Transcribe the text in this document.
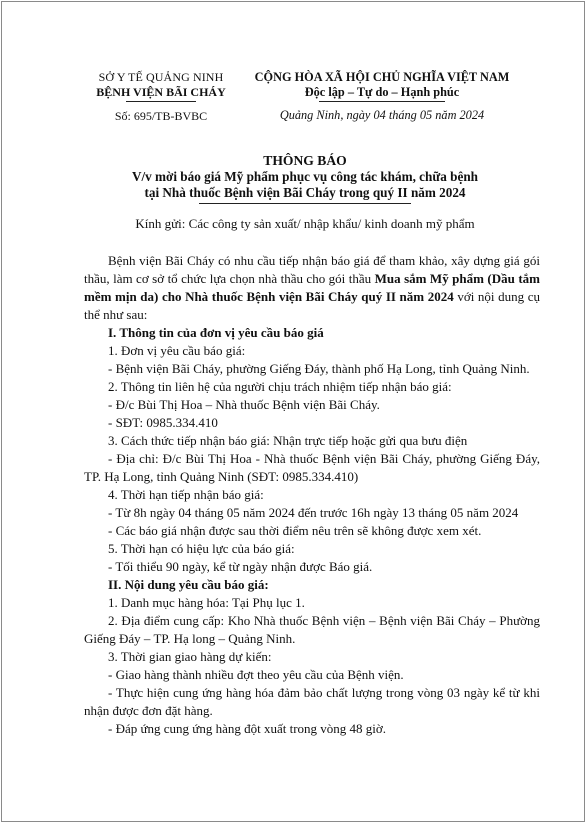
SỞ Y TẾ QUẢNG NINH
BỆNH VIỆN BÃI CHÁY
Số: 695/TB-BVBC
CỘNG HÒA XÃ HỘI CHỦ NGHĨA VIỆT NAM
Độc lập – Tự do – Hạnh phúc
Quảng Ninh, ngày 04 tháng 05 năm 2024
THÔNG BÁO
V/v mời báo giá Mỹ phẩm phục vụ công tác khám, chữa bệnh
tại Nhà thuốc Bệnh viện Bãi Cháy trong quý II năm 2024
Kính gửi: Các công ty sản xuất/ nhập khẩu/ kinh doanh mỹ phẩm

Bệnh viện Bãi Cháy có nhu cầu tiếp nhận báo giá để tham khảo, xây dựng giá gói thầu, làm cơ sở tổ chức lựa chọn nhà thầu cho gói thầu Mua sắm Mỹ phẩm (Dầu tắm mềm mịn da) cho Nhà thuốc Bệnh viện Bãi Cháy quý II năm 2024 với nội dung cụ thể như sau:

I. Thông tin của đơn vị yêu cầu báo giá

1. Đơn vị yêu cầu báo giá:

- Bệnh viện Bãi Cháy, phường Giếng Đáy, thành phố Hạ Long, tỉnh Quảng Ninh.

2. Thông tin liên hệ của người chịu trách nhiệm tiếp nhận báo giá:

- Đ/c Bùi Thị Hoa – Nhà thuốc Bệnh viện Bãi Cháy.

- SĐT: 0985.334.410

3. Cách thức tiếp nhận báo giá: Nhận trực tiếp hoặc gửi qua bưu điện

- Địa chỉ: Đ/c Bùi Thị Hoa - Nhà thuốc Bệnh viện Bãi Cháy, phường Giếng Đáy, TP. Hạ Long, tỉnh Quảng Ninh (SĐT: 0985.334.410)

4. Thời hạn tiếp nhận báo giá:

- Từ 8h ngày 04 tháng 05 năm 2024 đến trước 16h ngày 13 tháng 05 năm 2024

- Các báo giá nhận được sau thời điểm nêu trên sẽ không được xem xét.

5. Thời hạn có hiệu lực của báo giá:

- Tối thiểu 90 ngày, kể từ ngày nhận được Báo giá.

II. Nội dung yêu cầu báo giá:

1. Danh mục hàng hóa: Tại Phụ lục 1.

2. Địa điểm cung cấp: Kho Nhà thuốc Bệnh viện – Bệnh viện Bãi Cháy – Phường Giếng Đáy – TP. Hạ long – Quảng Ninh.

3. Thời gian giao hàng dự kiến:

- Giao hàng thành nhiều đợt theo yêu cầu của Bệnh viện.

- Thực hiện cung ứng hàng hóa đảm bảo chất lượng trong vòng 03 ngày kể từ khi nhận được đơn đặt hàng.

- Đáp ứng cung ứng hàng đột xuất trong vòng 48 giờ.
